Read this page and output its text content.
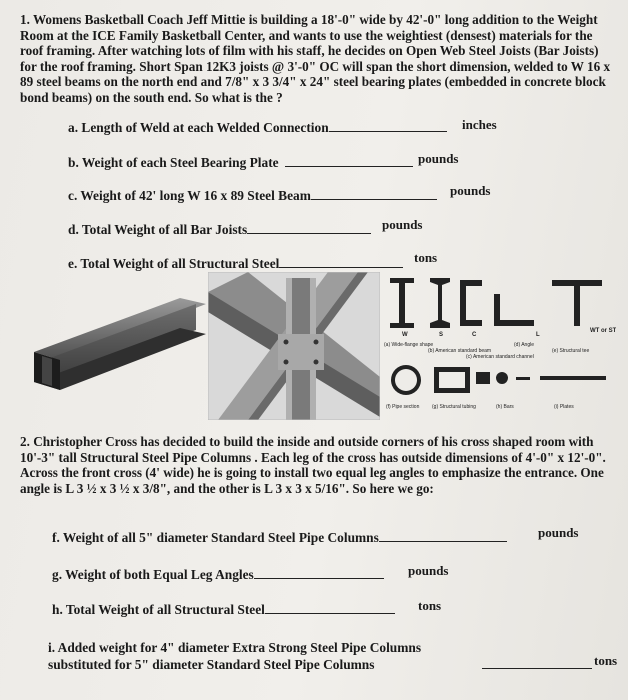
1. Womens Basketball Coach Jeff Mittie is building a 18'-0" wide by 42'-0" long addition to the Weight Room at the ICE Family Basketball Center, and wants to use the weightiest (densest) materials for the roof framing. After watching lots of film with his staff, he decides on Open Web Steel Joists (Bar Joists) for the roof framing. Short Span 12K3 joists @ 3'-0" OC will span the short dimension, welded to W 16 x 89 steel beams on the north end and 7/8" x 3 3/4" x 24" steel bearing plates (embedded in concrete block bond beams) on the south end. So what is the ?

a. Length of Weld at each Welded Connection	inches
b. Weight of each Steel Bearing Plate	pounds
c. Weight of 42' long W 16 x 89 Steel Beam	pounds
d. Total Weight of all Bar Joists	pounds
e. Total Weight of all Structural Steel	tons
WT or ST
W	S	C	L
(a) Wide-flange shape
(b) American standard beam
(c) American standard channel
(d) Angle
(e) Structural tee
(f) Pipe section	(g) Structural tubing	(h) Bars	(i) Plates

2. Christopher Cross has decided to build the inside and outside corners of his cross shaped room with 10'-3" tall Structural Steel Pipe Columns . Each leg of the cross has outside dimensions of 4'-0" x 12'-0". Across the front cross (4' wide) he is going to install two equal leg angles to emphasize the entrance. One angle is L 3 ½ x 3 ½ x 3/8", and the other is L 3 x 3 x 5/16". So here we go:

f. Weight of all 5" diameter Standard Steel Pipe Columns	pounds
g. Weight of both Equal Leg Angles	pounds
h. Total Weight of all Structural Steel	tons
i. Added weight for 4" diameter Extra Strong Steel Pipe Columns
substituted for 5" diameter Standard Steel Pipe Columns	tons
